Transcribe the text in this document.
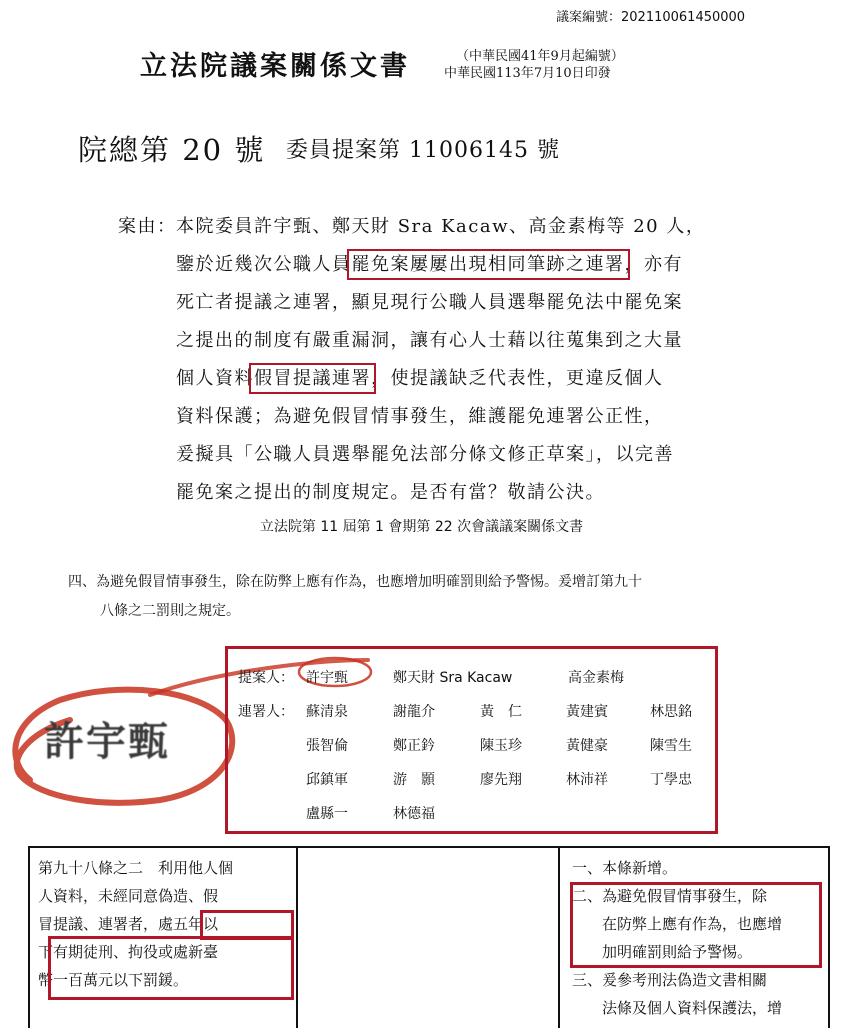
議案編號：202110061450000
立法院議案關係文書	（中華民國41年9月起編號）
中華民國113年7月10日印發
院總第 20 號 委員提案第 11006145 號
案由： 本院委員許宇甄、鄭天財 Sra Kacaw、高金素梅等 20 人，
鑒於近幾次公職人員罷免案屢屢出現相同筆跡之連署，亦有
死亡者提議之連署，顯見現行公職人員選舉罷免法中罷免案
之提出的制度有嚴重漏洞，讓有心人士藉以往蒐集到之大量
個人資料假冒提議連署，使提議缺乏代表性，更違反個人
資料保護；為避免假冒情事發生，維護罷免連署公正性，
爰擬具「公職人員選舉罷免法部分條文修正草案」，以完善
罷免案之提出的制度規定。是否有當？敬請公決。
立法院第 11 屆第 1 會期第 22 次會議議案關係文書
四、為避免假冒情事發生，除在防弊上應有作為，也應增加明確罰則給予警惕。爰增訂第九十
八條之二罰則之規定。
許宇甄
提案人： 許宇甄	鄭天財 Sra Kacaw	高金素梅
連署人： 蘇清泉	謝龍介	黃　仁	黃建賓	林思銘
張智倫	鄭正鈐	陳玉珍	黃健豪	陳雪生
邱鎮軍	游　顥	廖先翔	林沛祥	丁學忠
盧縣一	林德福
第九十八條之二　利用他人個
人資料，未經同意偽造、假
冒提議、連署者，處五年以
下有期徒刑、拘役或處新臺
幣一百萬元以下罰鍰。
一、本條新增。
二、為避免假冒情事發生，除
　　在防弊上應有作為，也應增
　　加明確罰則給予警惕。
三、爰參考刑法偽造文書相關
　　法條及個人資料保護法，增
